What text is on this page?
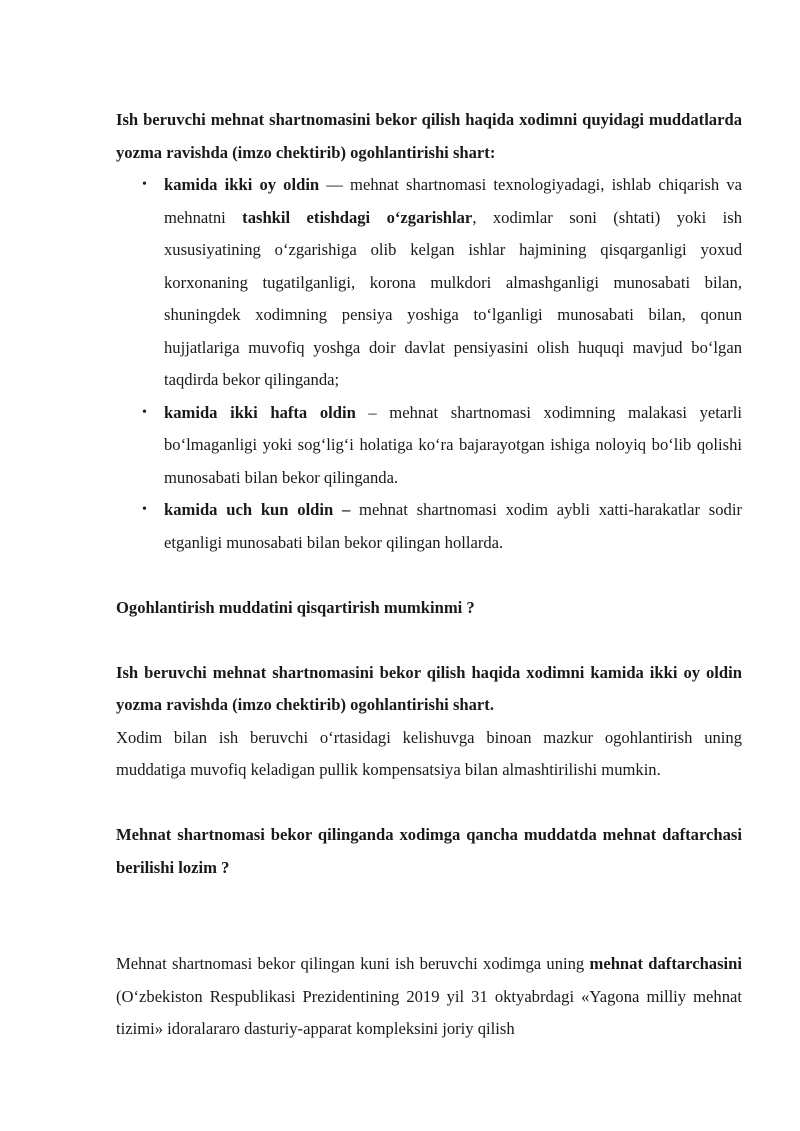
Ish beruvchi mehnat shartnomasini bekor qilish haqida xodimni quyidagi muddatlarda yozma ravishda (imzo chektirib) ogohlantirishi shart:

• kamida ikki oy oldin — mehnat shartnomasi texnologiyadagi, ishlab chiqarish va mehnatni tashkil etishdagi o‘zgarishlar, xodimlar soni (shtati) yoki ish xususiyatining o‘zgarishiga olib kelgan ishlar hajmining qisqarganligi yoxud korxonaning tugatilganligi, korona mulkdori almashganligi munosabati bilan, shuningdek xodimning pensiya yoshiga to‘lganligi munosabati bilan, qonun hujjatlariga muvofiq yoshga doir davlat pensiyasini olish huquqi mavjud bo‘lgan taqdirda bekor qilinganda;
• kamida ikki hafta oldin – mehnat shartnomasi xodimning malakasi yetarli bo‘lmaganligi yoki sog‘lig‘i holatiga ko‘ra bajarayotgan ishiga noloyiq bo‘lib qolishi munosabati bilan bekor qilinganda.
• kamida uch kun oldin – mehnat shartnomasi xodim aybli xatti-harakatlar sodir etganligi munosabati bilan bekor qilingan hollarda.

Ogohlantirish muddatini qisqartirish mumkinmi ?

Ish beruvchi mehnat shartnomasini bekor qilish haqida xodimni kamida ikki oy oldin yozma ravishda (imzo chektirib) ogohlantirishi shart.

Xodim bilan ish beruvchi o‘rtasidagi kelishuvga binoan mazkur ogohlantirish uning muddatiga muvofiq keladigan pullik kompensatsiya bilan almashtirilishi mumkin.

Mehnat shartnomasi bekor qilinganda xodimga qancha muddatda mehnat daftarchasi berilishi lozim ?

Mehnat shartnomasi bekor qilingan kuni ish beruvchi xodimga uning mehnat daftarchasini (O‘zbekiston Respublikasi Prezidentining 2019 yil 31 oktyabrdagi «Yagona milliy mehnat tizimi» idoralararo dasturiy-apparat kompleksini joriy qilish
